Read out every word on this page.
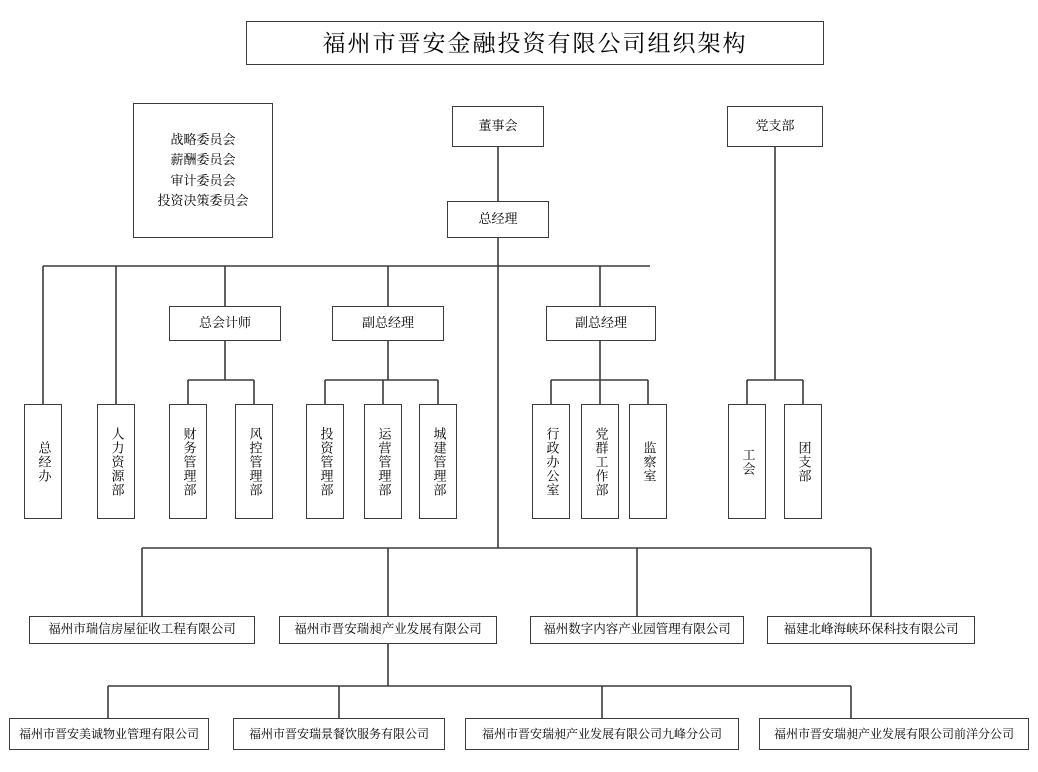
福州市晋安金融投资有限公司组织架构
战略委员会
薪酬委员会
审计委员会
投资决策委员会
董事会	党支部
总经理
总会计师	副总经理	副总经理
总经办	人力资源部	财务管理部	风控管理部	投资管理部	运营管理部	城建管理部	行政办公室	党群工作部	监察室	工会	团支部
福州市瑞信房屋征收工程有限公司	福州市晋安瑞昶产业发展有限公司	福州数字内容产业园管理有限公司	福建北峰海峡环保科技有限公司
福州市晋安美诚物业管理有限公司	福州市晋安瑞景餐饮服务有限公司	福州市晋安瑞昶产业发展有限公司九峰分公司	福州市晋安瑞昶产业发展有限公司前洋分公司
